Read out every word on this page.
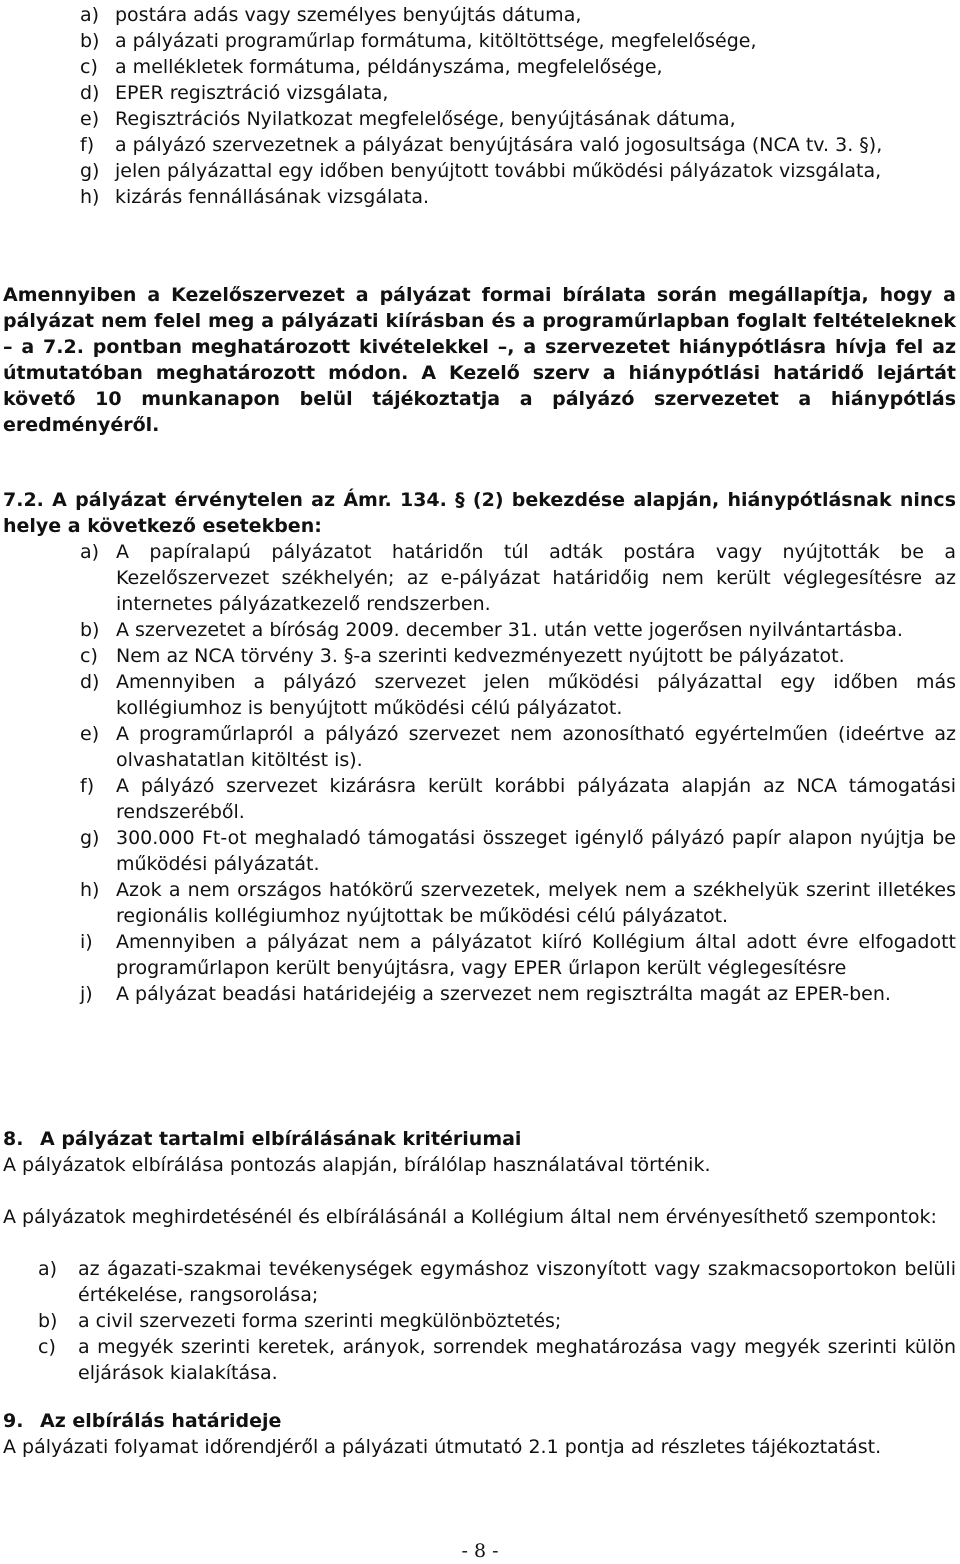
a) postára adás vagy személyes benyújtás dátuma,
b) a pályázati programűrlap formátuma, kitöltöttsége, megfelelősége,
c) a mellékletek formátuma, példányszáma, megfelelősége,
d) EPER regisztráció vizsgálata,
e) Regisztrációs Nyilatkozat megfelelősége, benyújtásának dátuma,
f)	a pályázó szervezetnek a pályázat benyújtására való jogosultsága (NCA tv. 3. §),
g) jelen pályázattal egy időben benyújtott további működési pályázatok vizsgálata,
h) kizárás fennállásának vizsgálata.
Amennyiben a Kezelőszervezet a pályázat formai bírálata során megállapítja, hogy a pályázat nem felel meg a pályázati kiírásban és a programűrlapban foglalt feltételeknek – a 7.2. pontban meghatározott kivételekkel –, a szervezetet hiánypótlásra hívja fel az útmutatóban meghatározott módon. A Kezelő szerv a hiánypótlási határidő lejártát követő 10 munkanapon belül tájékoztatja a pályázó szervezetet a hiánypótlás eredményéről.
7.2. A pályázat érvénytelen az Ámr. 134. § (2) bekezdése alapján, hiánypótlásnak nincs helye a következő esetekben:
a) A papíralapú pályázatot határidőn túl adták postára vagy nyújtották be a Kezelőszervezet székhelyén; az e-pályázat határidőig nem került véglegesítésre az internetes pályázatkezelő rendszerben.
b) A szervezetet a bíróság 2009. december 31. után vette jogerősen nyilvántartásba.
c) Nem az NCA törvény 3. §-a szerinti kedvezményezett nyújtott be pályázatot.
d) Amennyiben a pályázó szervezet jelen működési pályázattal egy időben más kollégiumhoz is benyújtott működési célú pályázatot.
e) A programűrlapról a pályázó szervezet nem azonosítható egyértelműen (ideértve az olvashatatlan kitöltést is).
f)	A pályázó szervezet kizárásra került korábbi pályázata alapján az NCA támogatási rendszeréből.
g) 300.000 Ft-ot meghaladó támogatási összeget igénylő pályázó papír alapon nyújtja be működési pályázatát.
h) Azok a nem országos hatókörű szervezetek, melyek nem a székhelyük szerint illetékes regionális kollégiumhoz nyújtottak be működési célú pályázatot.
i)	Amennyiben a pályázat nem a pályázatot kiíró Kollégium által adott évre elfogadott programűrlapon került benyújtásra, vagy EPER űrlapon került véglegesítésre
j)	A pályázat beadási határidejéig a szervezet nem regisztrálta magát az EPER-ben.
8. A pályázat tartalmi elbírálásának kritériumai
A pályázatok elbírálása pontozás alapján, bírálólap használatával történik.
A pályázatok meghirdetésénél és elbírálásánál a Kollégium által nem érvényesíthető szempontok:
a)	az ágazati-szakmai tevékenységek egymáshoz viszonyított vagy szakmacsoportokon belüli értékelése, rangsorolása;
b)	a civil szervezeti forma szerinti megkülönböztetés;
c)	a megyék szerinti keretek, arányok, sorrendek meghatározása vagy megyék szerinti külön eljárások kialakítása.
9. Az elbírálás határideje
A pályázati folyamat időrendjéről a pályázati útmutató 2.1 pontja ad részletes tájékoztatást.
- 8 -
